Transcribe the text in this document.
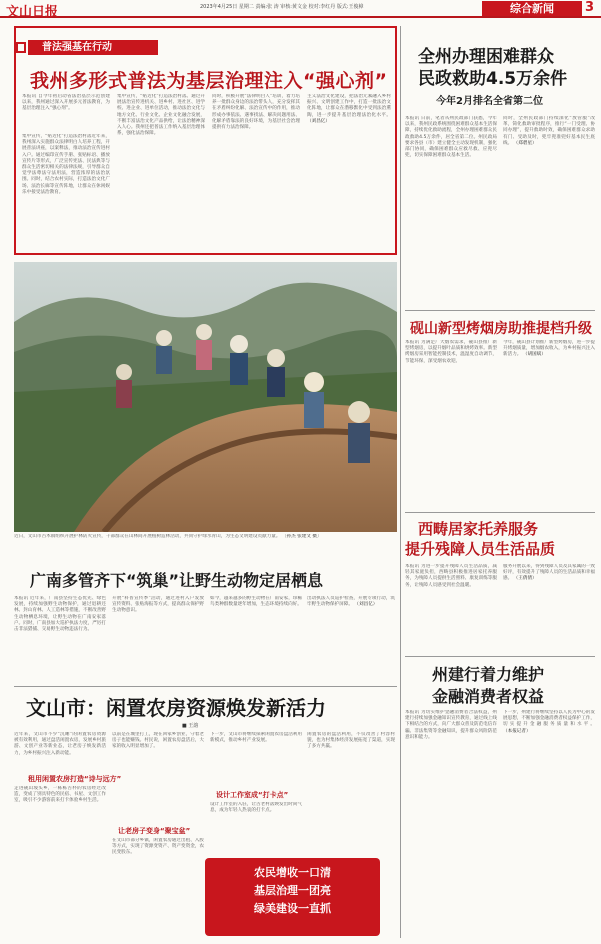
文山日报	2023年4月25日 星期二 责编:张 涛 审核:黄文金 校对:李红丹 版式:王俊樟	综合新闻	3
普法强基在行动
我州多形式普法为基层治理注入“强心剂”
本报讯 自今年初启动省法治基层示范创建以来，我州通过深入开展多元普法教育，为基层治理注入“强心剂”。
集中宣传，“贴近化”打造法治村落近年来，我州深入实施群众法律明白人培养工程，开展普法讲座，以案释法，推动法治宣传进村入户。通过编印宣传手册、张贴标语、播放宣传片等形式，广泛宣传宪法、民法典等与群众生活密切相关的法律法规，引导群众自觉学法尊法守法用法，营造浓厚的法治氛围。同时，结合农村实际，打造法治文化广场、法治长廊等宣传阵地，让群众在休闲娱乐中接受法治教育。
集中宣传，“贴近化”打造法治村落。通过开展法治宣传进机关、进乡村、进社区、进学校、进企业、进单位活动，推动法治文化与地方文化、行业文化、企业文化融合发展，不断丰富法治文化产品供给，让法治精神深入人心。我州还把普法工作纳入基层治理体系，强化法治保障。
同时，积极开展“法律明白人”培训，着力培养一批群众身边的法治带头人，充分发挥其在矛盾纠纷化解、法治宣传中的作用，推动形成办事依法、遇事找法、解决问题用法、化解矛盾靠法的良好环境，为基层社会治理提供有力法治保障。
主义法治文化建设，把法治元素融入乡村振兴、文明创建工作中，打造一批法治文化阵地，让群众在潜移默化中受到法治熏陶，进一步提升基层治理法治化水平。 （刘昌亿）
近日，文山市古木镇组织开展护林防火宣传，干部群众在山林间开展植树造林活动，共同守护绿水青山，为生态文明建设贡献力量。 〔孙杰 张建文 摄〕
全州办理困难群众
民政救助4.5万余件
今年2月排名全省第二位
本报讯 日前，笔者从州民政部门获悉，今年以来，我州民政系统围绕困难群众基本生活保障，持续优化救助流程，全州办理困难群众民政救助4.5万余件，居全省第二位。州民政局要求各县（市）建立健全主动发现机制，强化部门协同，确保困难群众应救尽救、应兜尽兜，切实保障困难群众基本生活。
同时，全州民政部门持续深化“放管服”改革，简化救助审批程序，推行“一门受理、协同办理”，提升救助时效，确保困难群众求助有门、受助及时，兜牢兜准兜好基本民生底线。 （郑碧星）
砚山新型烤烟房助推提档升级
本报讯 为满足广大烟农需求，砚山县推广新型烤烟房，以提升烟叶品质和烘烤效率。新型烤烟房采用智能控制技术，温湿度自动调节，节能环保，深受烟农欢迎。
今年，砚山县计划推广新型烤烟房，进一步提升烤烟质量，增加烟农收入，为乡村振兴注入新活力。 （胡国斌）
西畴居家托养服务
提升残障人员生活品质
本报讯 为进一步提升残障人员生活品质，减轻其家庭负担，西畴县积极推进居家托养服务，为残障人员提供生活照料、康复训练等服务，让残障人员感受到社会温暖。
服务开展以来，得到残障人员及其家属的一致好评，有效提升了残障人员的生活品质和幸福感。 （王倩倩）
州建行着力维护
金融消费者权益
本报讯 为切实维护金融消费者合法权益，州建行持续加强金融知识宣传教育，通过线上线下相结合的方式，向广大群众普及防范电信诈骗、非法集资等金融知识，提升群众风险防范意识和能力。
下一步，州建行将继续坚持以人民为中心的发展思想，不断加强金融消费者权益保护工作，切实提升金融服务质量和水平。 （本报记者）
广南多管齐下“筑巢”让野生动物定居栖息
本报讯 近年来，广南县坚持生态优先、绿色发展，持续加强野生动物保护，通过退耕还林、封山育林、人工造林等措施，不断改善野生动物栖息环境，让野生动物在广南安家落户。同时，广南县加大巡护执法力度，严厉打击非法猎捕、交易野生动物违法行为。
开展“科普宣传季”活动，通过进村入户发放宣传资料、张贴海报等方式，提高群众保护野生动物意识。
如今，越来越多的野生动物在广南安家，珍稀鸟类种群数量逐年增加，生态环境持续向好。
出动执法人员巡护检查，开展专项行动，筑牢野生动物保护屏障。 （刘昌亿）
文山市：闲置农房资源焕发新活力
■ 王韵
近年来，文山市不少“沉睡”的闲置农房资源被有效利用，通过盘活闲置农房，发展乡村旅游、文创产业等新业态，让老房子焕发新活力，为乡村振兴注入新动能。
租用闲置农房打造“诗与远方”
走进砚山坡头乡，一栋栋古朴的农房经过改造，变成了别具特色的民宿、书屋、文创工作室，吸引不少游客前来打卡体验乡村生活。
以前是在城里打工，现在回家乡创业，守着老房子也能赚钱。村民说，闲置农房盘活后，大家的收入明显增加了。
让老房子变身“聚宝盆”
在文山市部分乡镇，闲置农房通过出租、入股等方式，实现了资源变资产、资产变资金，农民变股东。
下一步，文山市将继续探索闲置农房盘活利用新模式，推动乡村产业发展。
设计工作室成“打卡点”
设计工作室的入驻，让古老村落焕发出时尚气息，成为年轻人热衷的打卡点。
闲置农房的盘活利用，不仅改善了村容村貌，也为村集体经济发展拓宽了渠道，实现了多方共赢。
农民增收一口清
基层治理一团亮
绿美建设一直抓
